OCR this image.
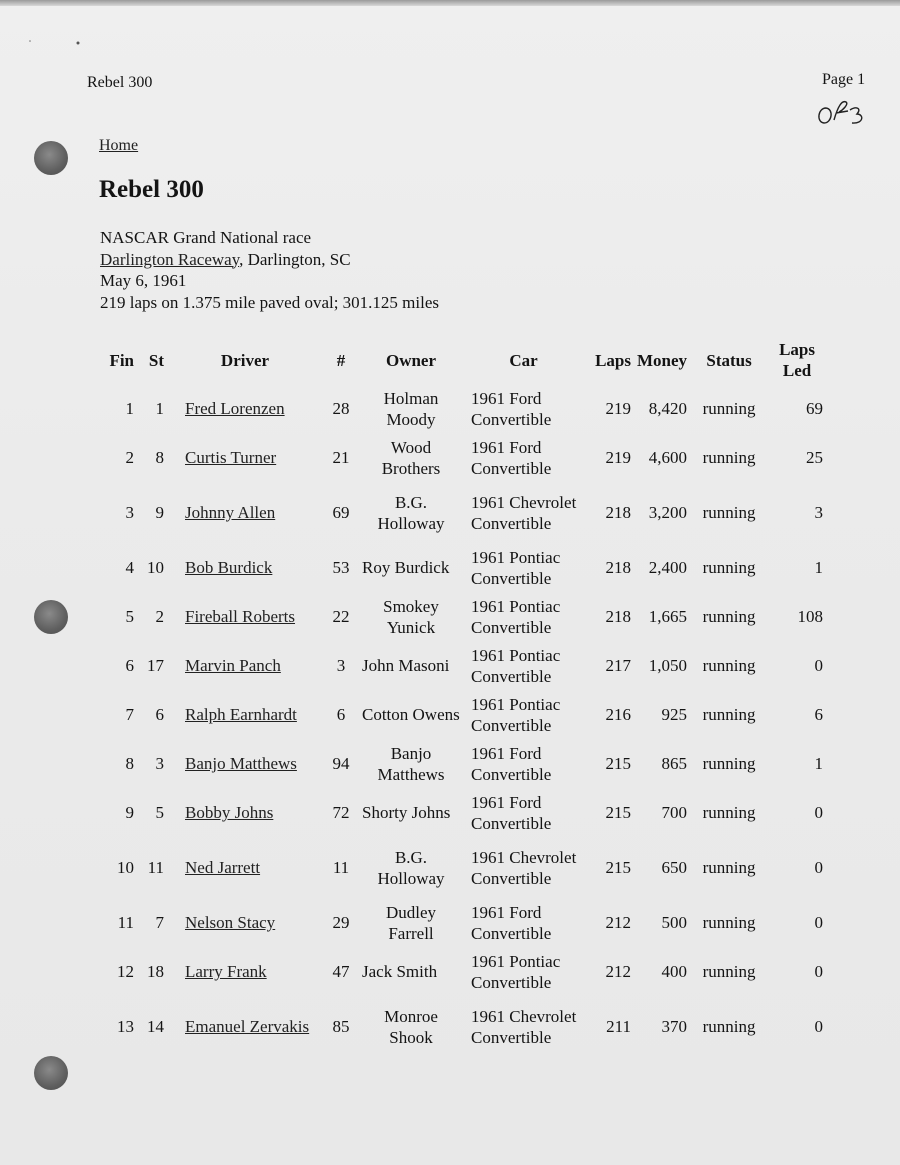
Rebel 300	Page 1
Home
Rebel 300
NASCAR Grand National race
Darlington Raceway, Darlington, SC
May 6, 1961
219 laps on 1.375 mile paved oval; 301.125 miles
Fin	St	Driver	#	Owner	Car	Laps	Money	Status	Laps Led
1	1	Fred Lorenzen	28	Holman Moody	1961 Ford Convertible	219	8,420	running	69
2	8	Curtis Turner	21	Wood Brothers	1961 Ford Convertible	219	4,600	running	25
3	9	Johnny Allen	69	B.G. Holloway	1961 Chevrolet Convertible	218	3,200	running	3
4	10	Bob Burdick	53	Roy Burdick	1961 Pontiac Convertible	218	2,400	running	1
5	2	Fireball Roberts	22	Smokey Yunick	1961 Pontiac Convertible	218	1,665	running	108
6	17	Marvin Panch	3	John Masoni	1961 Pontiac Convertible	217	1,050	running	0
7	6	Ralph Earnhardt	6	Cotton Owens	1961 Pontiac Convertible	216	925	running	6
8	3	Banjo Matthews	94	Banjo Matthews	1961 Ford Convertible	215	865	running	1
9	5	Bobby Johns	72	Shorty Johns	1961 Ford Convertible	215	700	running	0
10	11	Ned Jarrett	11	B.G. Holloway	1961 Chevrolet Convertible	215	650	running	0
11	7	Nelson Stacy	29	Dudley Farrell	1961 Ford Convertible	212	500	running	0
12	18	Larry Frank	47	Jack Smith	1961 Pontiac Convertible	212	400	running	0
13	14	Emanuel Zervakis	85	Monroe Shook	1961 Chevrolet Convertible	211	370	running	0
